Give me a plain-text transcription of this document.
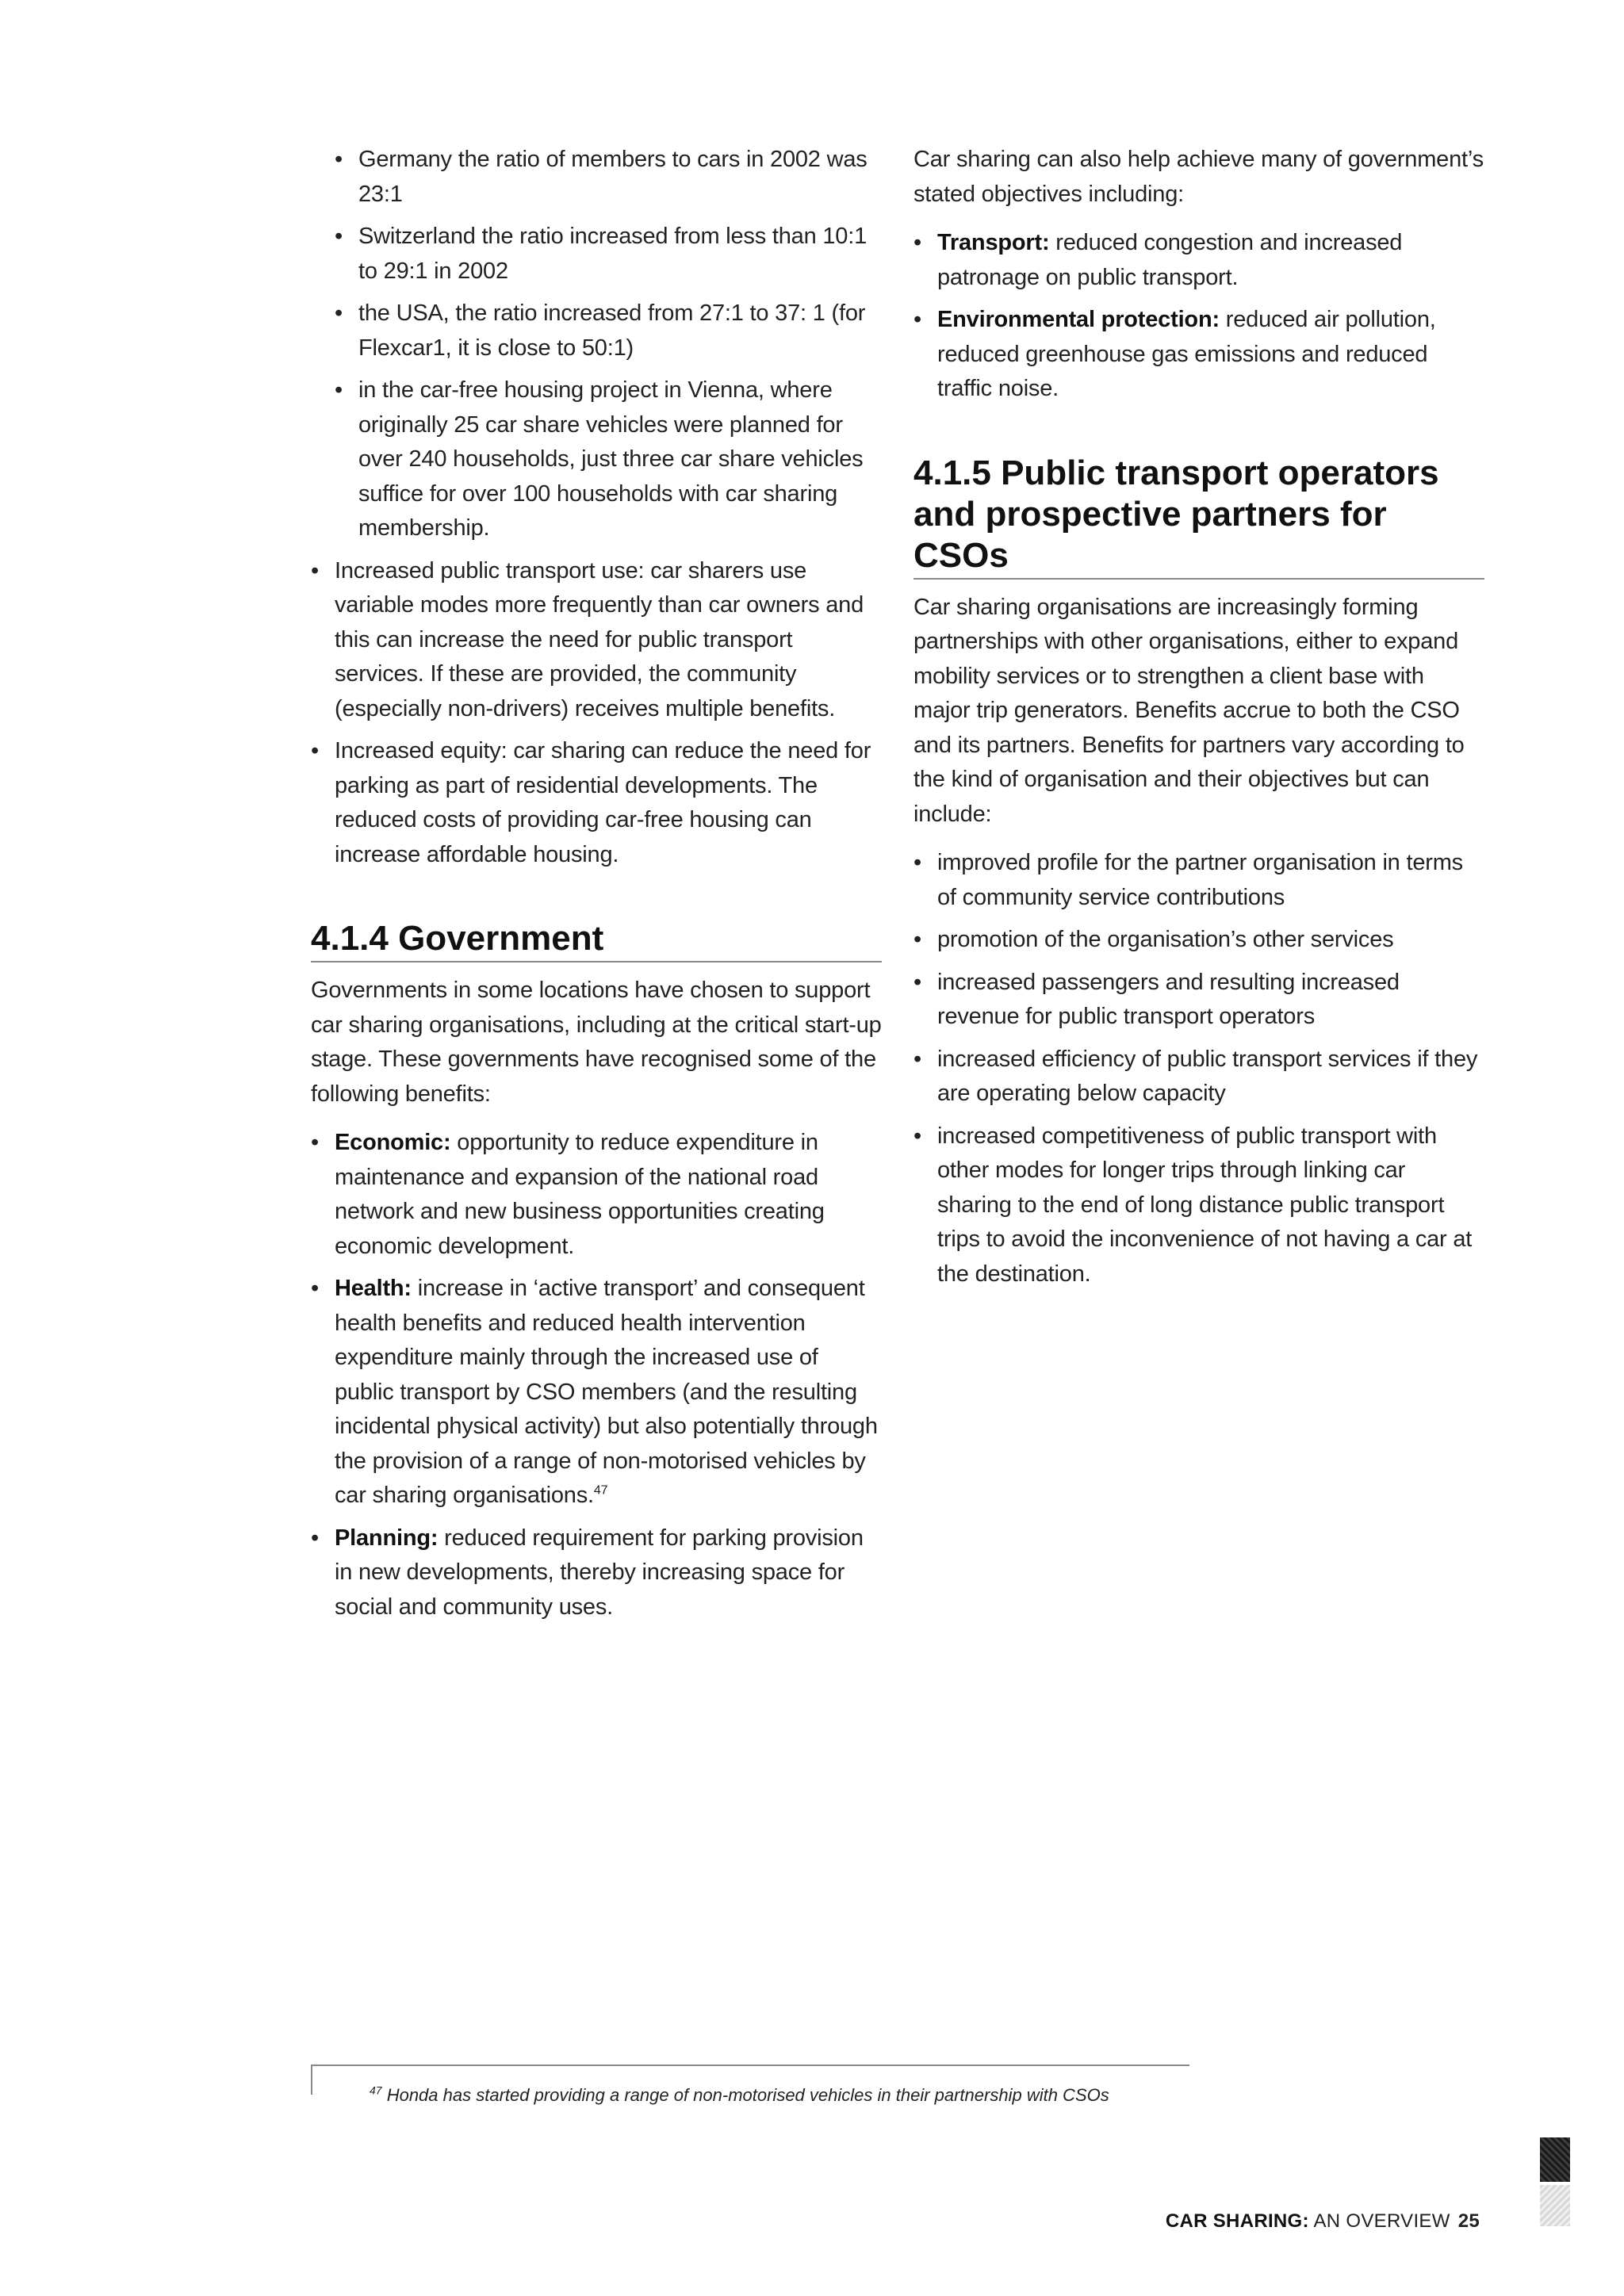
• Germany the ratio of members to cars in 2002 was 23:1
• Switzerland the ratio increased from less than 10:1 to 29:1 in 2002
• the USA, the ratio increased from 27:1 to 37: 1 (for Flexcar1, it is close to 50:1)
• in the car-free housing project in Vienna, where originally 25 car share vehicles were planned for over 240 households, just three car share vehicles suffice for over 100 households with car sharing membership.
• Increased public transport use: car sharers use variable modes more frequently than car owners and this can increase the need for public transport services. If these are provided, the community (especially non-drivers) receives multiple benefits.
• Increased equity: car sharing can reduce the need for parking as part of residential developments. The reduced costs of providing car-free housing can increase affordable housing.
4.1.4 Government

Governments in some locations have chosen to support car sharing organisations, including at the critical start-up stage. These governments have recognised some of the following benefits:

• Economic: opportunity to reduce expenditure in maintenance and expansion of the national road network and new business opportunities creating economic development.
• Health: increase in ‘active transport’ and consequent health benefits and reduced health intervention expenditure mainly through the increased use of public transport by CSO members (and the resulting incidental physical activity) but also potentially through the provision of a range of non-motorised vehicles by car sharing organisations.$^{47}$
• Planning: reduced requirement for parking provision in new developments, thereby increasing space for social and community uses.

Car sharing can also help achieve many of government’s stated objectives including:

• Transport: reduced congestion and increased patronage on public transport.
• Environmental protection: reduced air pollution, reduced greenhouse gas emissions and reduced traffic noise.
4.1.5 Public transport operators and prospective partners for CSOs

Car sharing organisations are increasingly forming partnerships with other organisations, either to expand mobility services or to strengthen a client base with major trip generators. Benefits accrue to both the CSO and its partners. Benefits for partners vary according to the kind of organisation and their objectives but can include:

• improved profile for the partner organisation in terms of community service contributions
• promotion of the organisation’s other services
• increased passengers and resulting increased revenue for public transport operators
• increased efficiency of public transport services if they are operating below capacity
• increased competitiveness of public transport with other modes for longer trips through linking car sharing to the end of long distance public transport trips to avoid the inconvenience of not having a car at the destination.
$^{47}$ Honda has started providing a range of non-motorised vehicles in their partnership with CSOs
CAR SHARING: AN OVERVIEW 25
